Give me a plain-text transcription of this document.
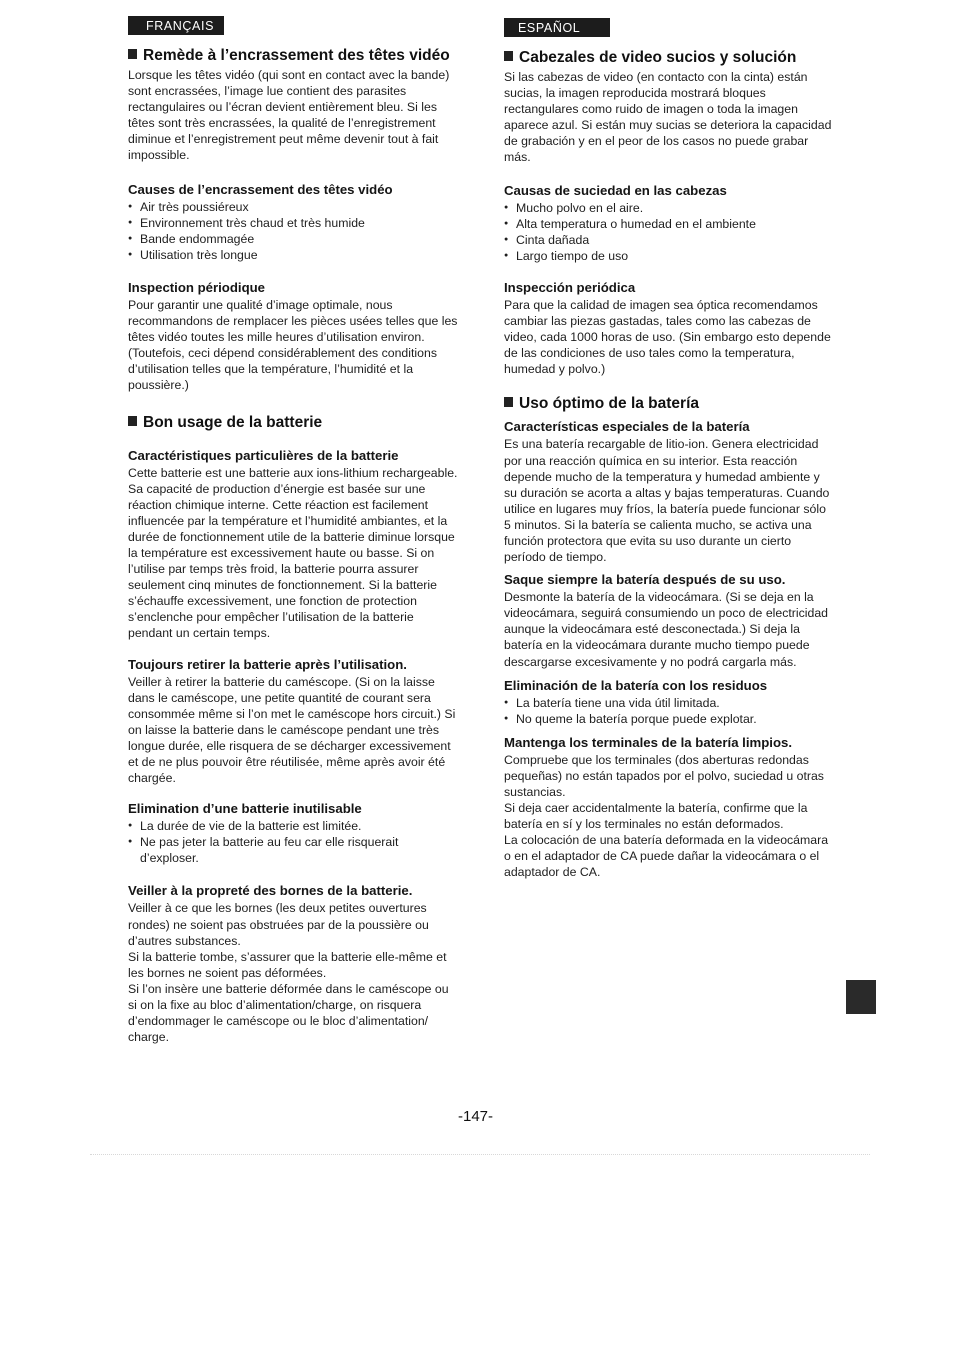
FRANÇAIS
Remède à l’encrassement des têtes vidéo

Lorsque les têtes vidéo (qui sont en contact avec la bande) sont encrassées, l’image lue contient des parasites rectangulaires ou l’écran devient entièrement bleu. Si les têtes sont très encrassées, la qualité de l’enregistrement diminue et l’enregistrement peut même devenir tout à fait impossible.

Causes de l’encrassement des têtes vidéo
● Air très poussiéreux
● Environnement très chaud et très humide
● Bande endommagée
● Utilisation très longue
Inspection périodique

Pour garantir une qualité d’image optimale, nous recommandons de remplacer les pièces usées telles que les têtes vidéo toutes les mille heures d’utilisation environ. (Toutefois, ceci dépend considérablement des conditions d’utilisation telles que la température, l’humidité et la poussière.)

Bon usage de la batterie
Caractéristiques particulières de la batterie

Cette batterie est une batterie aux ions-lithium rechargeable. Sa capacité de production d’énergie est basée sur une réaction chimique interne. Cette réaction est facilement influencée par la température et l’humidité ambiantes, et la durée de fonctionnement utile de la batterie diminue lorsque la température est excessivement haute ou basse. Si on l’utilise par temps très froid, la batterie pourra assurer seulement cinq minutes de fonctionnement. Si la batterie s’échauffe excessivement, une fonction de protection s’enclenche pour empêcher l’utilisation de la batterie pendant un certain temps.

Toujours retirer la batterie après l’utilisation.

Veiller à retirer la batterie du caméscope. (Si on la laisse dans le caméscope, une petite quantité de courant sera consommée même si l’on met le caméscope hors circuit.) Si on laisse la batterie dans le caméscope pendant une très longue durée, elle risquera de se décharger excessivement et de ne plus pouvoir être réutilisée, même après avoir été chargée.

Elimination d’une batterie inutilisable
● La durée de vie de la batterie est limitée.
● Ne pas jeter la batterie au feu car elle risquerait d’exploser.
Veiller à la propreté des bornes de la batterie.

Veiller à ce que les bornes (les deux petites ouvertures rondes) ne soient pas obstruées par de la poussière ou d’autres substances.

Si la batterie tombe, s’assurer que la batterie elle-même et les bornes ne soient pas déformées.

Si l’on insère une batterie déformée dans le caméscope ou si on la fixe au bloc d’alimentation/charge, on risquera d’endommager le caméscope ou le bloc d’alimentation/ charge.

ESPAÑOL
Cabezales de video sucios y solución

Si las cabezas de video (en contacto con la cinta) están sucias, la imagen reproducida mostrará bloques rectangulares como ruido de imagen o toda la imagen aparece azul. Si están muy sucias se deteriora la capacidad de grabación y en el peor de los casos no puede grabar más.

Causas de suciedad en las cabezas
● Mucho polvo en el aire.
● Alta temperatura o humedad en el ambiente
● Cinta dañada
● Largo tiempo de uso
Inspección periódica

Para que la calidad de imagen sea óptica recomendamos cambiar las piezas gastadas, tales como las cabezas de video, cada 1000 horas de uso. (Sin embargo esto depende de las condiciones de uso tales como la temperatura, humedad y polvo.)

Uso óptimo de la batería
Características especiales de la batería

Es una batería recargable de litio-ion. Genera electricidad por una reacción química en su interior. Esta reacción depende mucho de la temperatura y humedad ambiente y su duración se acorta a altas y bajas temperaturas. Cuando utilice en lugares muy fríos, la batería puede funcionar sólo 5 minutos. Si la batería se calienta mucho, se activa una función protectora que evita su uso durante un cierto período de tiempo.

Saque siempre la batería después de su uso.

Desmonte la batería de la videocámara. (Si se deja en la videocámara, seguirá consumiendo un poco de electricidad aunque la videocámara esté desconectada.) Si deja la batería en la videocámara durante mucho tiempo puede descargarse excesivamente y no podrá cargarla más.

Eliminación de la batería con los residuos
● La batería tiene una vida útil limitada.
● No queme la batería porque puede explotar.
Mantenga los terminales de la batería limpios.

Compruebe que los terminales (dos aberturas redondas pequeñas) no están tapados por el polvo, suciedad u otras sustancias.

Si deja caer accidentalmente la batería, confirme que la batería en sí y los terminales no están deformados.

La colocación de una batería deformada en la videocámara o en el adaptador de CA puede dañar la videocámara o el adaptador de CA.

-147-
